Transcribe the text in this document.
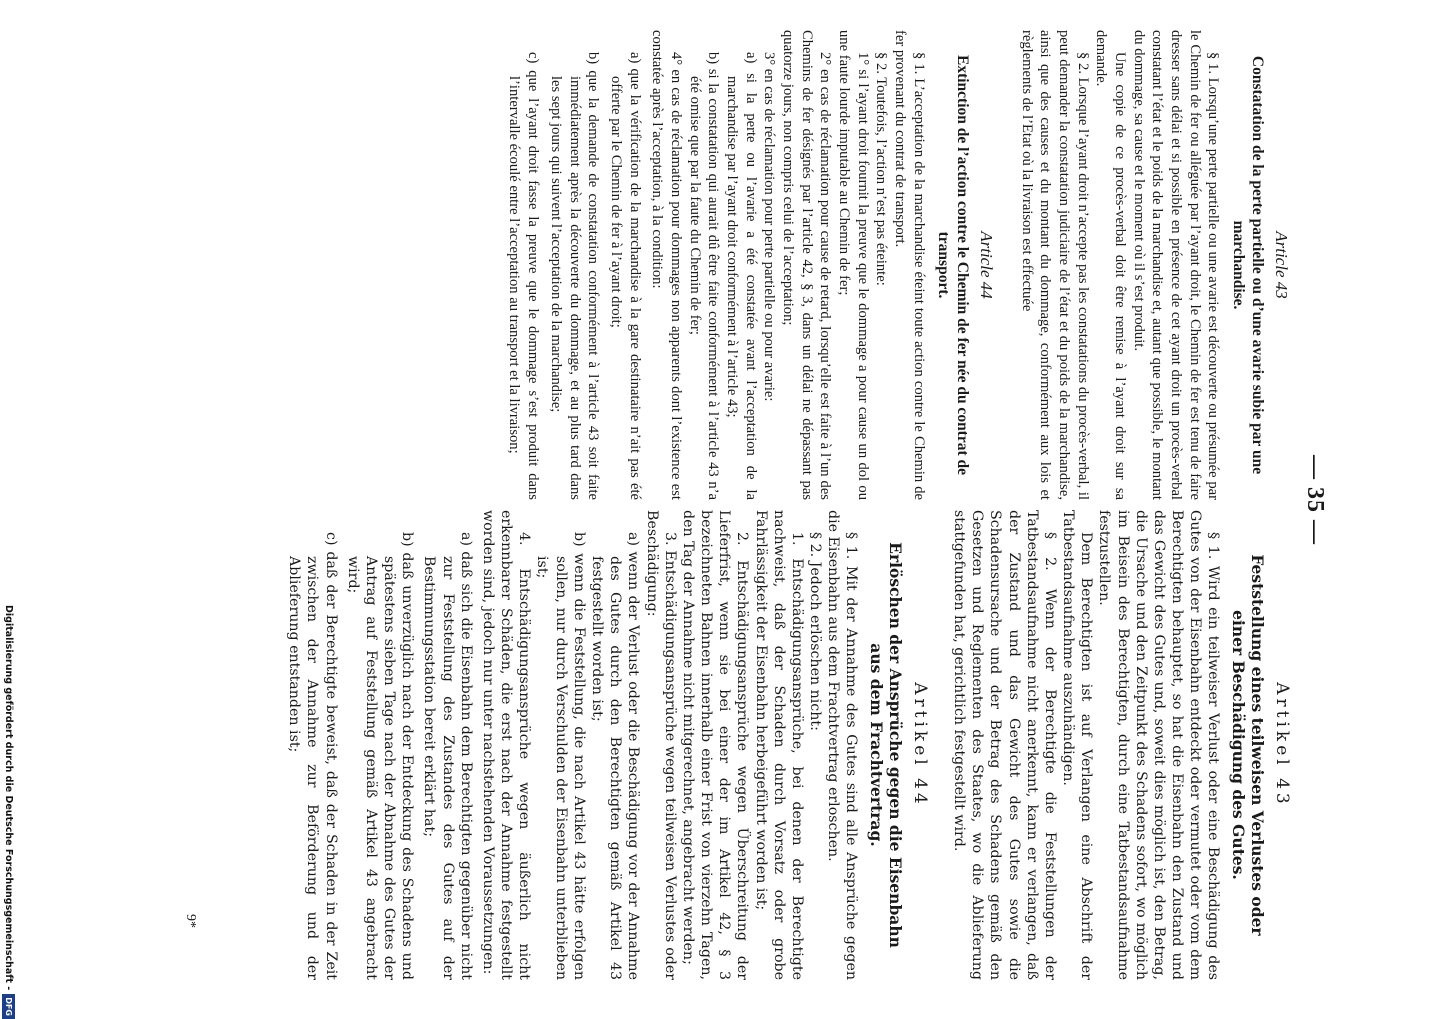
— 35 —

Article 43

Constatation de la perte partielle ou d’une avarie subie par une marchandise.

§ 1. Lorsqu’une perte partielle ou une avarie est découverte ou présumée par le Chemin de fer ou alléguée par l’ayant droit, le Chemin de fer est tenu de faire dresser sans délai et si possible en présence de cet ayant droit un procès-verbal constatant l’état et le poids de la marchandise et, autant que possible, le montant du dommage, sa cause et le moment où il s’est produit.

Une copie de ce procès-verbal doit être remise à l’ayant droit sur sa demande.

§ 2. Lorsque l’ayant droit n’accepte pas les constatations du procès-verbal, il peut demander la constatation judiciaire de l’état et du poids de la marchandise, ainsi que des causes et du montant du dommage, conformément aux lois et règlements de l’Etat où la livraison est effectuée

Article 44

Extinction de l’action contre le Chemin de fer née du contrat de transport.

§ 1. L’acceptation de la marchandise éteint toute action contre le Chemin de fer provenant du contrat de transport.

§ 2. Toutefois, l’action n’est pas éteinte:

1° si l’ayant droit fournit la preuve que le dommage a pour cause un dol ou une faute lourde imputable au Chemin de fer;

2° en cas de réclamation pour cause de retard, lorsqu’elle est faite à l’un des Chemins de fer désignés par l’article 42, § 3, dans un délai ne dépassant pas quatorze jours, non compris celui de l’acceptation;

3° en cas de réclamation pour perte partielle ou pour avarie:

a) si la perte ou l’avarie a été constatée avant l’acceptation de la marchandise par l’ayant droit conformément à l’article 43;

b) si la constatation qui aurait dû être faite conformément à l’article 43 n’a été omise que par la faute du Chemin de fer;

4° en cas de réclamation pour dommages non apparents dont l’existence est constatée après l’acceptation, à la condition:

a) que la vérification de la marchandise à la gare destinataire n’ait pas été offerte par le Chemin de fer à l’ayant droit;

b) que la demande de constatation conformément à l’article 43 soit faite immédiatement après la découverte du dommage, et au plus tard dans les sept jours qui suivent l’acceptation de la marchandise;

c) que l’ayant droit fasse la preuve que le dommage s’est produit dans l’intervalle écoulé entre l’acceptation au transport et la livraison;

Artikel 43

Feststellung eines teilweisen Verlustes oder einer Beschädigung des Gutes.

§ 1. Wird ein teilweiser Verlust oder eine Beschädigung des Gutes von der Eisenbahn entdeckt oder vermutet oder vom dem Berechtigten behauptet, so hat die Eisenbahn den Zustand und das Gewicht des Gutes und, soweit dies möglich ist, den Betrag, die Ursache und den Zeitpunkt des Schadens sofort, wo möglich im Beisein des Berechtigten, durch eine Tatbestandsaufnahme festzustellen.

Dem Berechtigten ist auf Verlangen eine Abschrift der Tatbestandsaufnahme auszuhändigen.

§ 2. Wenn der Berechtigte die Feststellungen der Tatbestandsaufnahme nicht anerkennt, kann er verlangen, daß der Zustand und das Gewicht des Gutes sowie die Schadensursache und der Betrag des Schadens gemäß den Gesetzen und Reglementen des Staates, wo die Ablieferung stattgefunden hat, gerichtlich festgestellt wird.

Artikel 44

Erlöschen der Ansprüche gegen die Eisenbahn aus dem Frachtvertrag.

§ 1. Mit der Annahme des Gutes sind alle Ansprüche gegen die Eisenbahn aus dem Frachtvertrag erloschen.

§ 2. Jedoch erlöschen nicht:

1. Entschädigungsansprüche, bei denen der Berechtigte nachweist, daß der Schaden durch Vorsatz oder grobe Fahrlässigkeit der Eisenbahn herbeigeführt worden ist;

2. Entschädigungsansprüche wegen Überschreitung der Lieferfrist, wenn sie bei einer der im Artikel 42, § 3 bezeichneten Bahnen innerhalb einer Frist von vierzehn Tagen, den Tag der Annahme nicht mitgerechnet, angebracht werden;

3. Entschädigungsansprüche wegen teilweisen Verlustes oder Beschädigung:

a) wenn der Verlust oder die Beschädigung vor der Annahme des Gutes durch den Berechtigten gemäß Artikel 43 festgestellt worden ist;

b) wenn die Feststellung, die nach Artikel 43 hätte erfolgen sollen, nur durch Verschulden der Eisenbahn unterblieben ist;

4. Entschädigungsansprüche wegen äußerlich nicht erkennbarer Schäden, die erst nach der Annahme festgestellt worden sind, jedoch nur unter nachstehenden Voraussetzungen:

a) daß sich die Eisenbahn dem Berechtigten gegenüber nicht zur Feststellung des Zustandes des Gutes auf der Bestimmungsstation bereit erklärt hat;

b) daß unverzüglich nach der Entdeckung des Schadens und spätestens sieben Tage nach der Abnahme des Gutes der Antrag auf Feststellung gemäß Artikel 43 angebracht wird;

c) daß der Berechtigte beweist, daß der Schaden in der Zeit zwischen der Annahme zur Beförderung und der Ablieferung entstanden ist;

9*
Digitalisierung gefördert durch die Deutsche Forschungsgemeinschaft -
DFG
